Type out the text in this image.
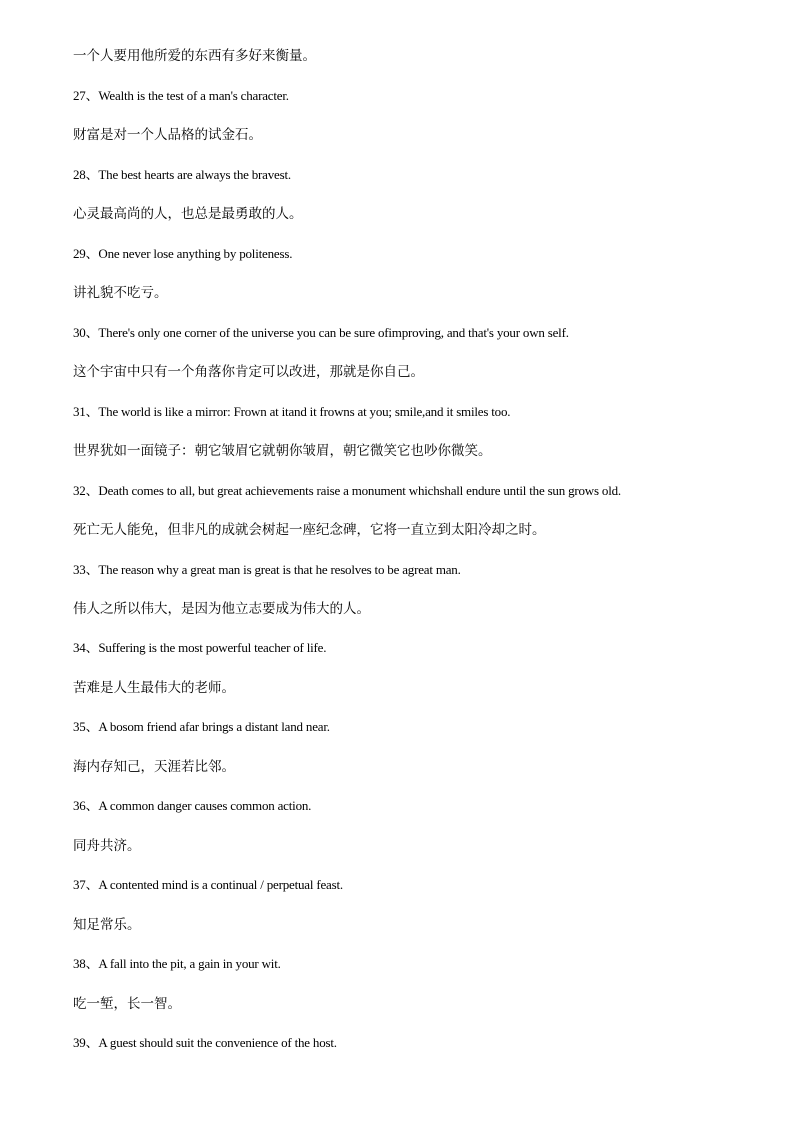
一个人要用他所爱的东西有多好来衡量。
27、Wealth is the test of a man's character.
财富是对一个人品格的试金石。
28、The best hearts are always the bravest.
心灵最高尚的人，也总是最勇敢的人。
29、One never lose anything by politeness.
讲礼貌不吃亏。
30、There's only one corner of the universe you can be sure ofimproving, and that's your own self.
这个宇宙中只有一个角落你肯定可以改进，那就是你自己。
31、The world is like a mirror: Frown at itand it frowns at you; smile,and it smiles too.
世界犹如一面镜子：朝它皱眉它就朝你皱眉，朝它微笑它也吵你微笑。
32、Death comes to all, but great achievements raise a monument whichshall endure until the sun grows old.
死亡无人能免，但非凡的成就会树起一座纪念碑，它将一直立到太阳冷却之时。
33、The reason why a great man is great is that he resolves to be agreat man.
伟人之所以伟大，是因为他立志要成为伟大的人。
34、Suffering is the most powerful teacher of life.
苦难是人生最伟大的老师。
35、A bosom friend afar brings a distant land near.
海内存知己，天涯若比邻。
36、A common danger causes common action.
同舟共济。
37、A contented mind is a continual / perpetual feast.
知足常乐。
38、A fall into the pit, a gain in your wit.
吃一堑，长一智。
39、A guest should suit the convenience of the host.
